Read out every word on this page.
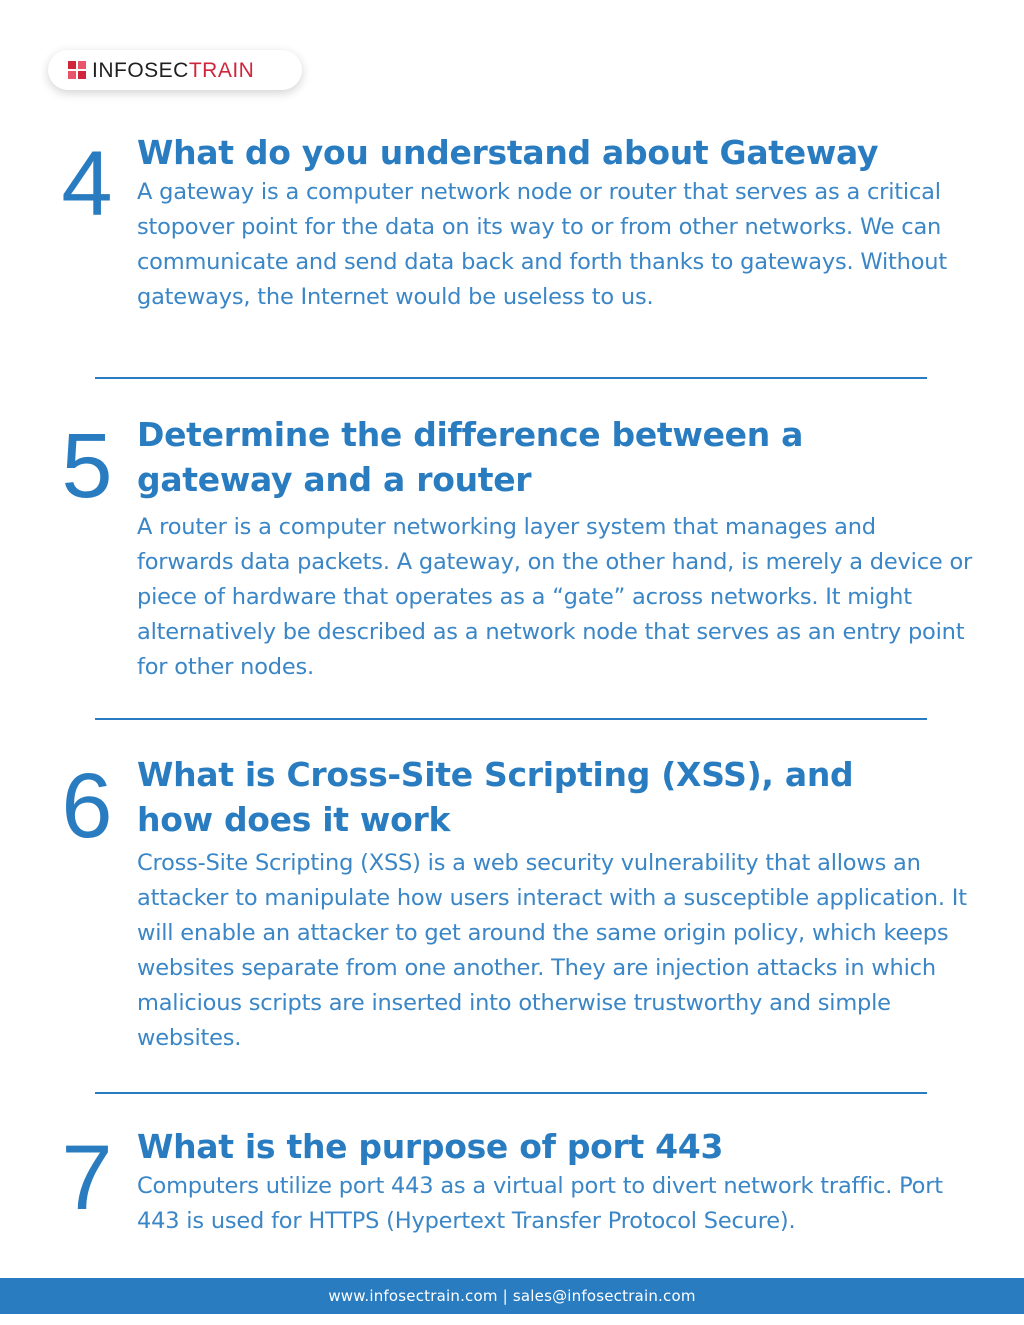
INFOSECTRAIN
4 What do you understand about Gateway

A gateway is a computer network node or router that serves as a critical stopover point for the data on its way to or from other networks. We can communicate and send data back and forth thanks to gateways. Without gateways, the Internet would be useless to us.

5 Determine the difference between a gateway and a router

A router is a computer networking layer system that manages and forwards data packets. A gateway, on the other hand, is merely a device or piece of hardware that operates as a “gate” across networks. It might alternatively be described as a network node that serves as an entry point for other nodes.

6 What is Cross-Site Scripting (XSS), and how does it work

Cross-Site Scripting (XSS) is a web security vulnerability that allows an attacker to manipulate how users interact with a susceptible application. It will enable an attacker to get around the same origin policy, which keeps websites separate from one another. They are injection attacks in which malicious scripts are inserted into otherwise trustworthy and simple websites.

7 What is the purpose of port 443

Computers utilize port 443 as a virtual port to divert network traffic. Port 443 is used for HTTPS (Hypertext Transfer Protocol Secure).

www.infosectrain.com | sales@infosectrain.com
